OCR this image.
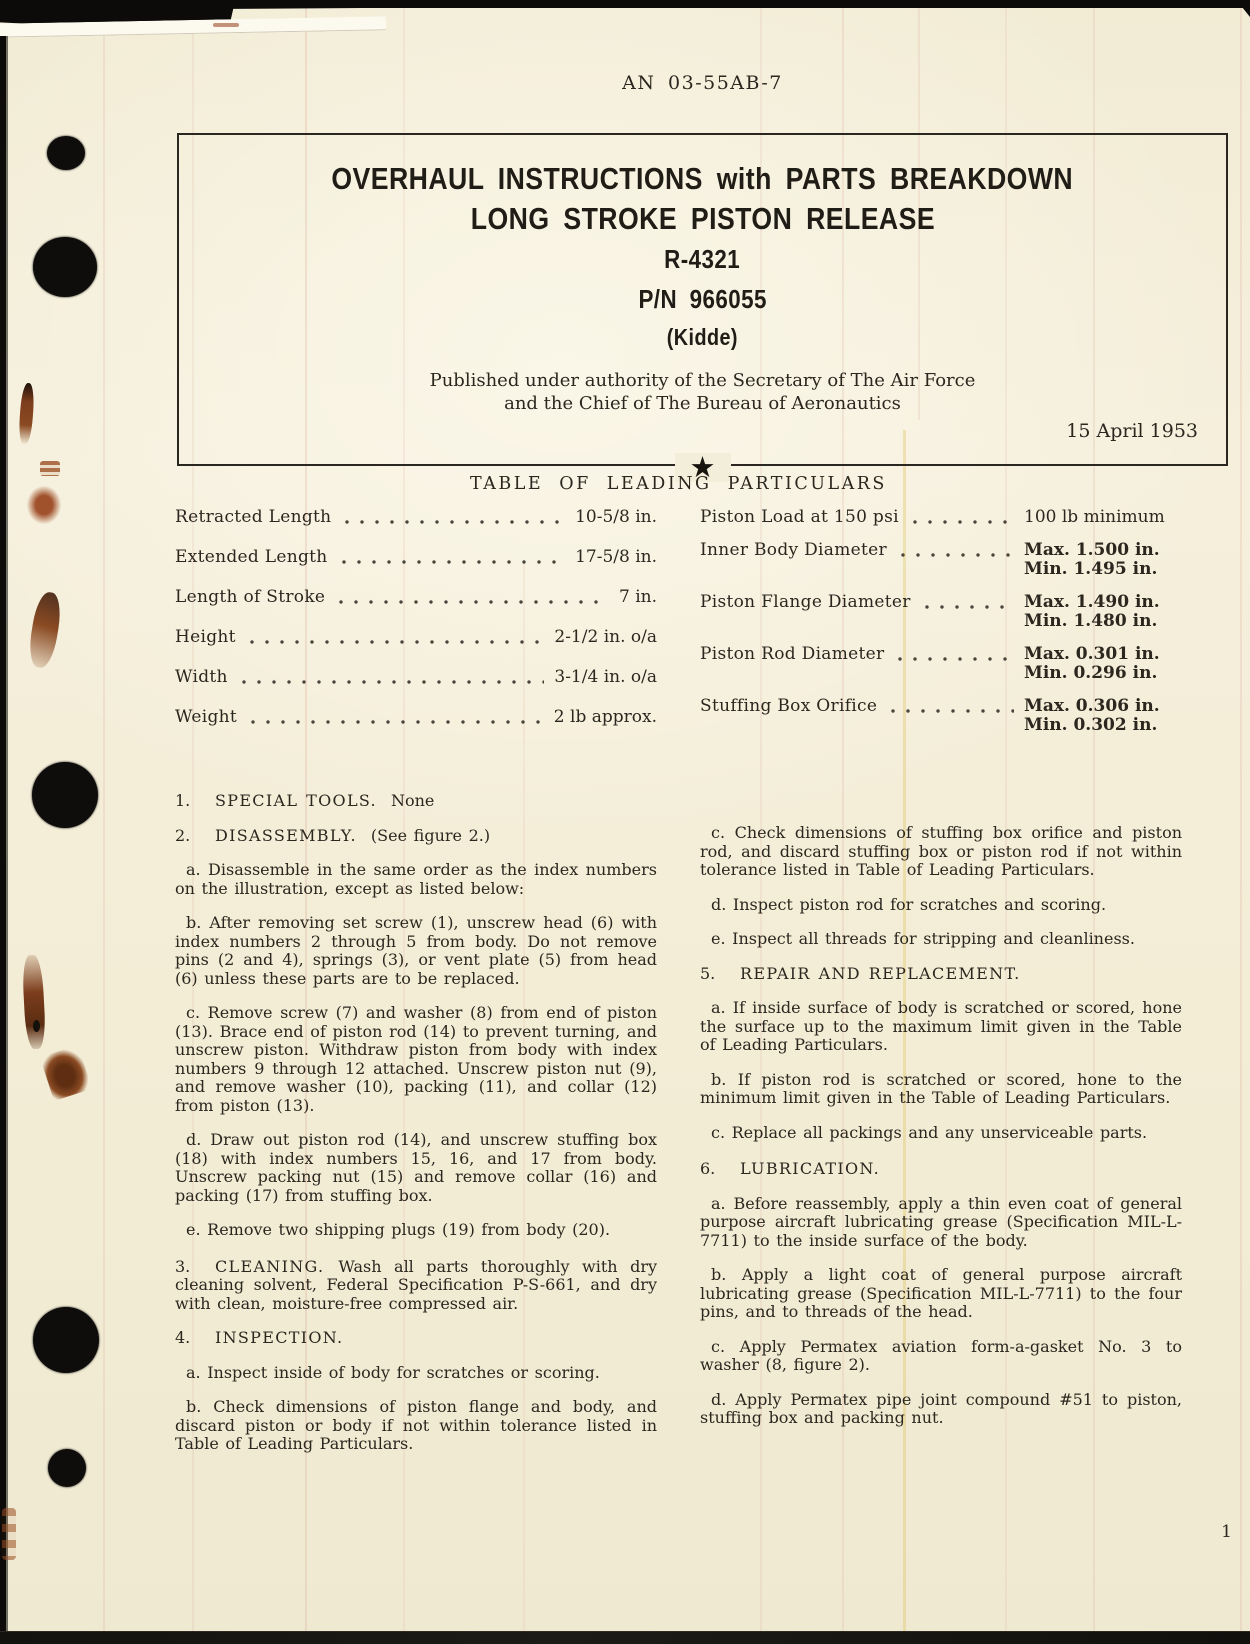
AN 03-55AB-7
OVERHAUL INSTRUCTIONS with PARTS BREAKDOWN
LONG STROKE PISTON RELEASE
R-4321
P/N 966055
(Kidde)
Published under authority of the Secretary of The Air Force
and the Chief of The Bureau of Aeronautics
15 April 1953
★
TABLE OF LEADING PARTICULARS
Retracted Length	10-5/8 in.
Extended Length	17-5/8 in.
Length of Stroke	7 in.
Height	2-1/2 in. o/a
Width	3-1/4 in. o/a
Weight	2 lb approx.
Piston Load at 150 psi	100 lb minimum
Inner Body Diameter	Max. 1.500 in.
Min. 1.495 in.
Piston Flange Diameter	Max. 1.490 in.
Min. 1.480 in.
Piston Rod Diameter	Max. 0.301 in.
Min. 0.296 in.
Stuffing Box Orifice	Max. 0.306 in.
Min. 0.302 in.

1. SPECIAL TOOLS. None

2. DISASSEMBLY. (See figure 2.)

a. Disassemble in the same order as the index numbers on the illustration, except as listed below:

b. After removing set screw (1), unscrew head (6) with index numbers 2 through 5 from body. Do not remove pins (2 and 4), springs (3), or vent plate (5) from head (6) unless these parts are to be replaced.

c. Remove screw (7) and washer (8) from end of piston (13). Brace end of piston rod (14) to prevent turning, and unscrew piston. Withdraw piston from body with index numbers 9 through 12 attached. Unscrew piston nut (9), and remove washer (10), packing (11), and collar (12) from piston (13).

d. Draw out piston rod (14), and unscrew stuffing box (18) with index numbers 15, 16, and 17 from body. Unscrew packing nut (15) and remove collar (16) and packing (17) from stuffing box.

e. Remove two shipping plugs (19) from body (20).

3. CLEANING. Wash all parts thoroughly with dry cleaning solvent, Federal Specification P-S-661, and dry with clean, moisture-free compressed air.

4. INSPECTION.

a. Inspect inside of body for scratches or scoring.

b. Check dimensions of piston flange and body, and discard piston or body if not within tolerance listed in Table of Leading Particulars.

c. Check dimensions of stuffing box orifice and piston rod, and discard stuffing box or piston rod if not within tolerance listed in Table of Leading Particulars.

d. Inspect piston rod for scratches and scoring.

e. Inspect all threads for stripping and cleanliness.

5. REPAIR AND REPLACEMENT.

a. If inside surface of body is scratched or scored, hone the surface up to the maximum limit given in the Table of Leading Particulars.

b. If piston rod is scratched or scored, hone to the minimum limit given in the Table of Leading Particulars.

c. Replace all packings and any unserviceable parts.

6. LUBRICATION.

a. Before reassembly, apply a thin even coat of general purpose aircraft lubricating grease (Specification MIL-L-7711) to the inside surface of the body.

b. Apply a light coat of general purpose aircraft lubricating grease (Specification MIL-L-7711) to the four pins, and to threads of the head.

c. Apply Permatex aviation form-a-gasket No. 3 to washer (8, figure 2).

d. Apply Permatex pipe joint compound #51 to piston, stuffing box and packing nut.

1
